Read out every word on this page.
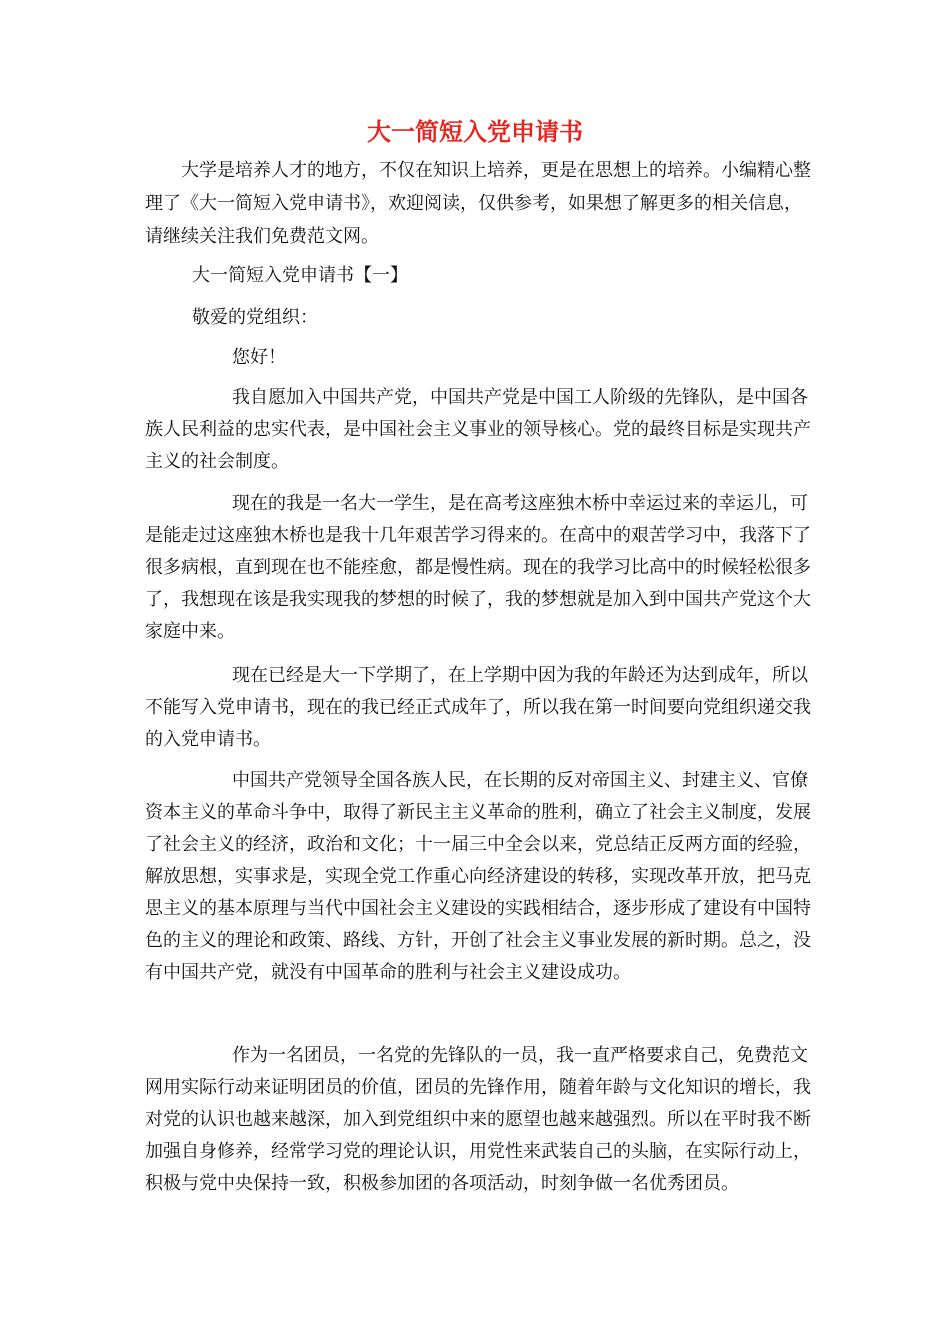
大一简短入党申请书

大学是培养人才的地方，不仅在知识上培养，更是在思想上的培养。小编精心整理了《大一简短入党申请书》，欢迎阅读，仅供参考，如果想了解更多的相关信息，请继续关注我们免费范文网。

大一简短入党申请书【一】

敬爱的党组织：

您好！

我自愿加入中国共产党，中国共产党是中国工人阶级的先锋队，是中国各族人民利益的忠实代表，是中国社会主义事业的领导核心。党的最终目标是实现共产主义的社会制度。

现在的我是一名大一学生，是在高考这座独木桥中幸运过来的幸运儿，可是能走过这座独木桥也是我十几年艰苦学习得来的。在高中的艰苦学习中，我落下了很多病根，直到现在也不能痊愈，都是慢性病。现在的我学习比高中的时候轻松很多了，我想现在该是我实现我的梦想的时候了，我的梦想就是加入到中国共产党这个大家庭中来。

现在已经是大一下学期了，在上学期中因为我的年龄还为达到成年，所以不能写入党申请书，现在的我已经正式成年了，所以我在第一时间要向党组织递交我的入党申请书。

中国共产党领导全国各族人民，在长期的反对帝国主义、封建主义、官僚资本主义的革命斗争中，取得了新民主主义革命的胜利，确立了社会主义制度，发展了社会主义的经济，政治和文化；十一届三中全会以来，党总结正反两方面的经验，解放思想，实事求是，实现全党工作重心向经济建设的转移，实现改革开放，把马克思主义的基本原理与当代中国社会主义建设的实践相结合，逐步形成了建设有中国特色的主义的理论和政策、路线、方针，开创了社会主义事业发展的新时期。总之，没有中国共产党，就没有中国革命的胜利与社会主义建设成功。

作为一名团员，一名党的先锋队的一员，我一直严格要求自己，免费范文网用实际行动来证明团员的价值，团员的先锋作用，随着年龄与文化知识的增长，我对党的认识也越来越深，加入到党组织中来的愿望也越来越强烈。所以在平时我不断加强自身修养，经常学习党的理论认识，用党性来武装自己的头脑，在实际行动上，积极与党中央保持一致，积极参加团的各项活动，时刻争做一名优秀团员。
